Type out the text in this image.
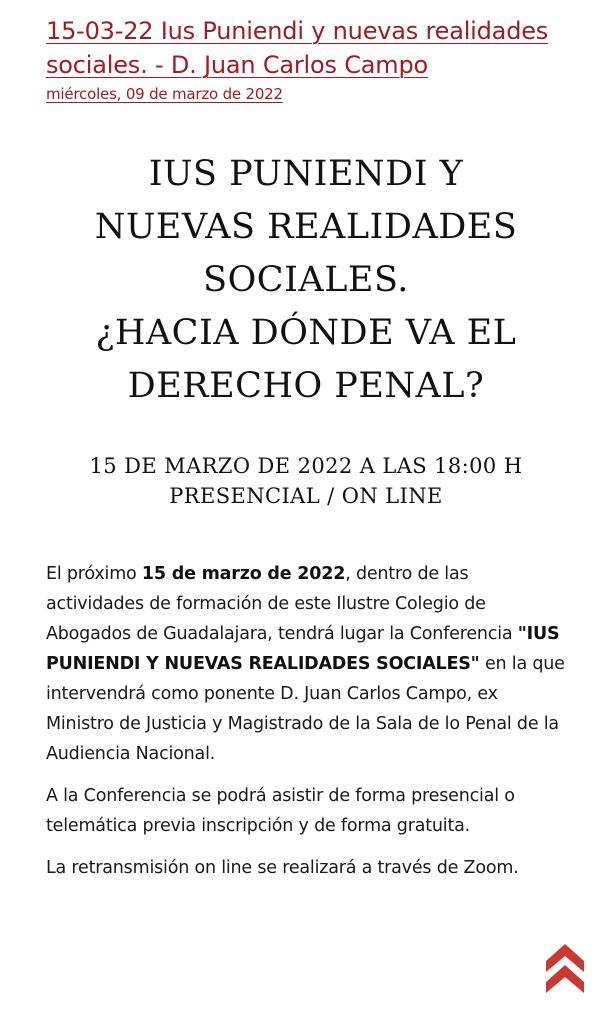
15-03-22 Ius Puniendi y nuevas realidades sociales. - D. Juan Carlos Campo
miércoles, 09 de marzo de 2022
IUS PUNIENDI Y
NUEVAS REALIDADES
SOCIALES.
¿HACIA DÓNDE VA EL
DERECHO PENAL?
15 DE MARZO DE 2022 A LAS 18:00 H
PRESENCIAL / ON LINE

El próximo 15 de marzo de 2022, dentro de las actividades de formación de este Ilustre Colegio de Abogados de Guadalajara, tendrá lugar la Conferencia "IUS PUNIENDI Y NUEVAS REALIDADES SOCIALES" en la que intervendrá como ponente D. Juan Carlos Campo, ex Ministro de Justicia y Magistrado de la Sala de lo Penal de la Audiencia Nacional.

A la Conferencia se podrá asistir de forma presencial o telemática previa inscripción y de forma gratuita.

La retransmisión on line se realizará a través de Zoom.
